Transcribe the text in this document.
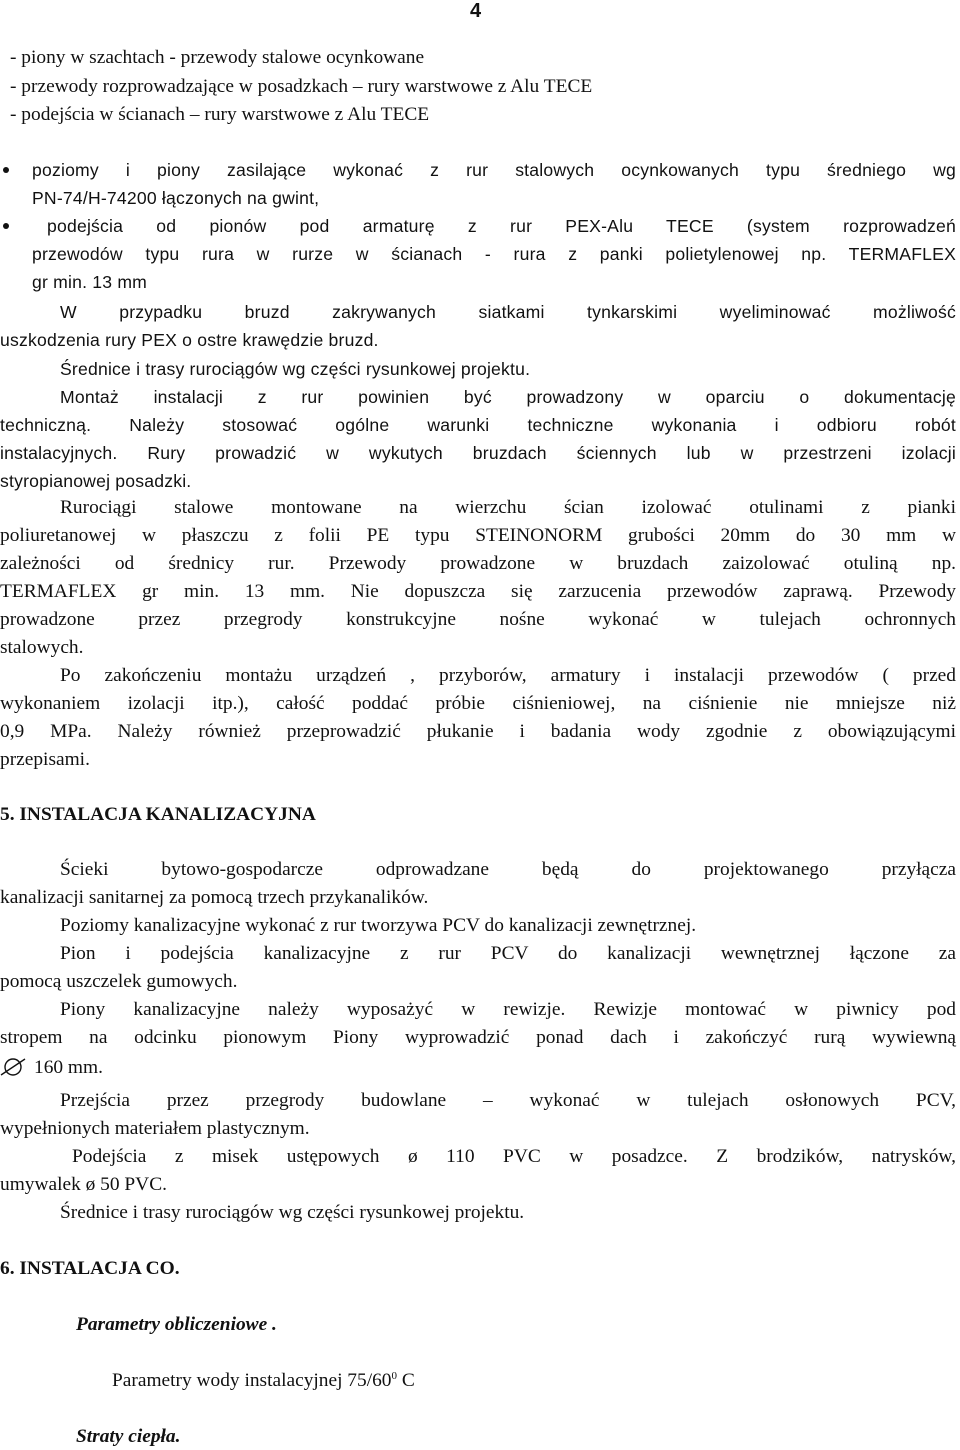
4
- piony w szachtach - przewody stalowe ocynkowane
- przewody rozprowadzające w posadzkach – rury warstwowe z Alu TECE
- podejścia w ścianach – rury warstwowe z Alu TECE
poziomy i piony zasilające wykonać z rur stalowych ocynkowanych typu średniego wg
PN-74/H-74200 łączonych na gwint,
podejścia od pionów pod armaturę z rur PEX-Alu TECE (system rozprowadzeń
przewodów typu rura w rurze w ścianach - rura z panki polietylenowej np. TERMAFLEX
gr min. 13 mm
W przypadku bruzd zakrywanych siatkami tynkarskimi wyeliminować możliwość
uszkodzenia rury PEX o ostre krawędzie bruzd.
Średnice i trasy rurociągów wg części rysunkowej projektu.
Montaż instalacji z rur powinien być prowadzony w oparciu o dokumentację
techniczną. Należy stosować ogólne warunki techniczne wykonania i odbioru robót
instalacyjnych. Rury prowadzić w wykutych bruzdach ściennych lub w przestrzeni izolacji
styropianowej posadzki.
Rurociągi stalowe montowane na wierzchu ścian izolować otulinami z pianki
poliuretanowej w płaszczu z folii PE typu STEINONORM grubości 20mm do 30 mm w
zależności od średnicy rur. Przewody prowadzone w bruzdach zaizolować otuliną np.
TERMAFLEX gr min. 13 mm. Nie dopuszcza się zarzucenia przewodów zaprawą. Przewody
prowadzone przez przegrody konstrukcyjne nośne wykonać w tulejach ochronnych
stalowych.
Po zakończeniu montażu urządzeń , przyborów, armatury i instalacji przewodów ( przed
wykonaniem izolacji itp.), całość poddać próbie ciśnieniowej, na ciśnienie nie mniejsze niż
0,9 MPa. Należy również przeprowadzić płukanie i badania wody zgodnie z obowiązującymi
przepisami.
5. INSTALACJA KANALIZACYJNA
Ścieki bytowo-gospodarcze odprowadzane będą do projektowanego przyłącza
kanalizacji sanitarnej za pomocą trzech przykanalików.
Poziomy kanalizacyjne wykonać z rur tworzywa PCV do kanalizacji zewnętrznej.
Pion i podejścia kanalizacyjne z rur PCV do kanalizacji wewnętrznej łączone za
pomocą uszczelek gumowych.
Piony kanalizacyjne należy wyposażyć w rewizje. Rewizje montować w piwnicy pod
stropem na odcinku pionowym Piony wyprowadzić ponad dach i zakończyć rurą wywiewną
160 mm.
Przejścia przez przegrody budowlane – wykonać w tulejach osłonowych PCV,
wypełnionych materiałem plastycznym.
Podejścia z misek ustępowych ø 110 PVC w posadzce. Z brodzików, natrysków,
umywalek ø 50 PVC.
Średnice i trasy rurociągów wg części rysunkowej projektu.
6. INSTALACJA CO.
Parametry obliczeniowe .
Parametry wody instalacyjnej $75/60^0$ C
Straty ciepła.
